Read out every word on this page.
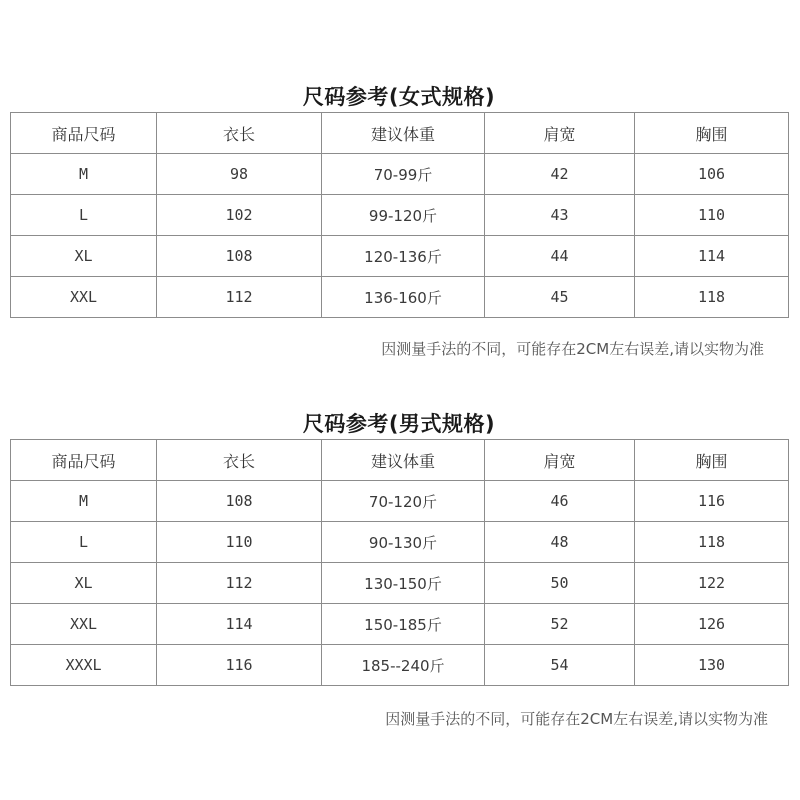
尺码参考(女式规格)
商品尺码	衣长	建议体重	肩宽	胸围
M	98	70-99斤	42	106
L	102	99-120斤	43	110
XL	108	120-136斤	44	114
XXL	112	136-160斤	45	118
因测量手法的不同，可能存在2CM左右误差,请以实物为准
尺码参考(男式规格)
商品尺码	衣长	建议体重	肩宽	胸围
M	108	70-120斤	46	116
L	110	90-130斤	48	118
XL	112	130-150斤	50	122
XXL	114	150-185斤	52	126
XXXL	116	185--240斤	54	130
因测量手法的不同，可能存在2CM左右误差,请以实物为准
